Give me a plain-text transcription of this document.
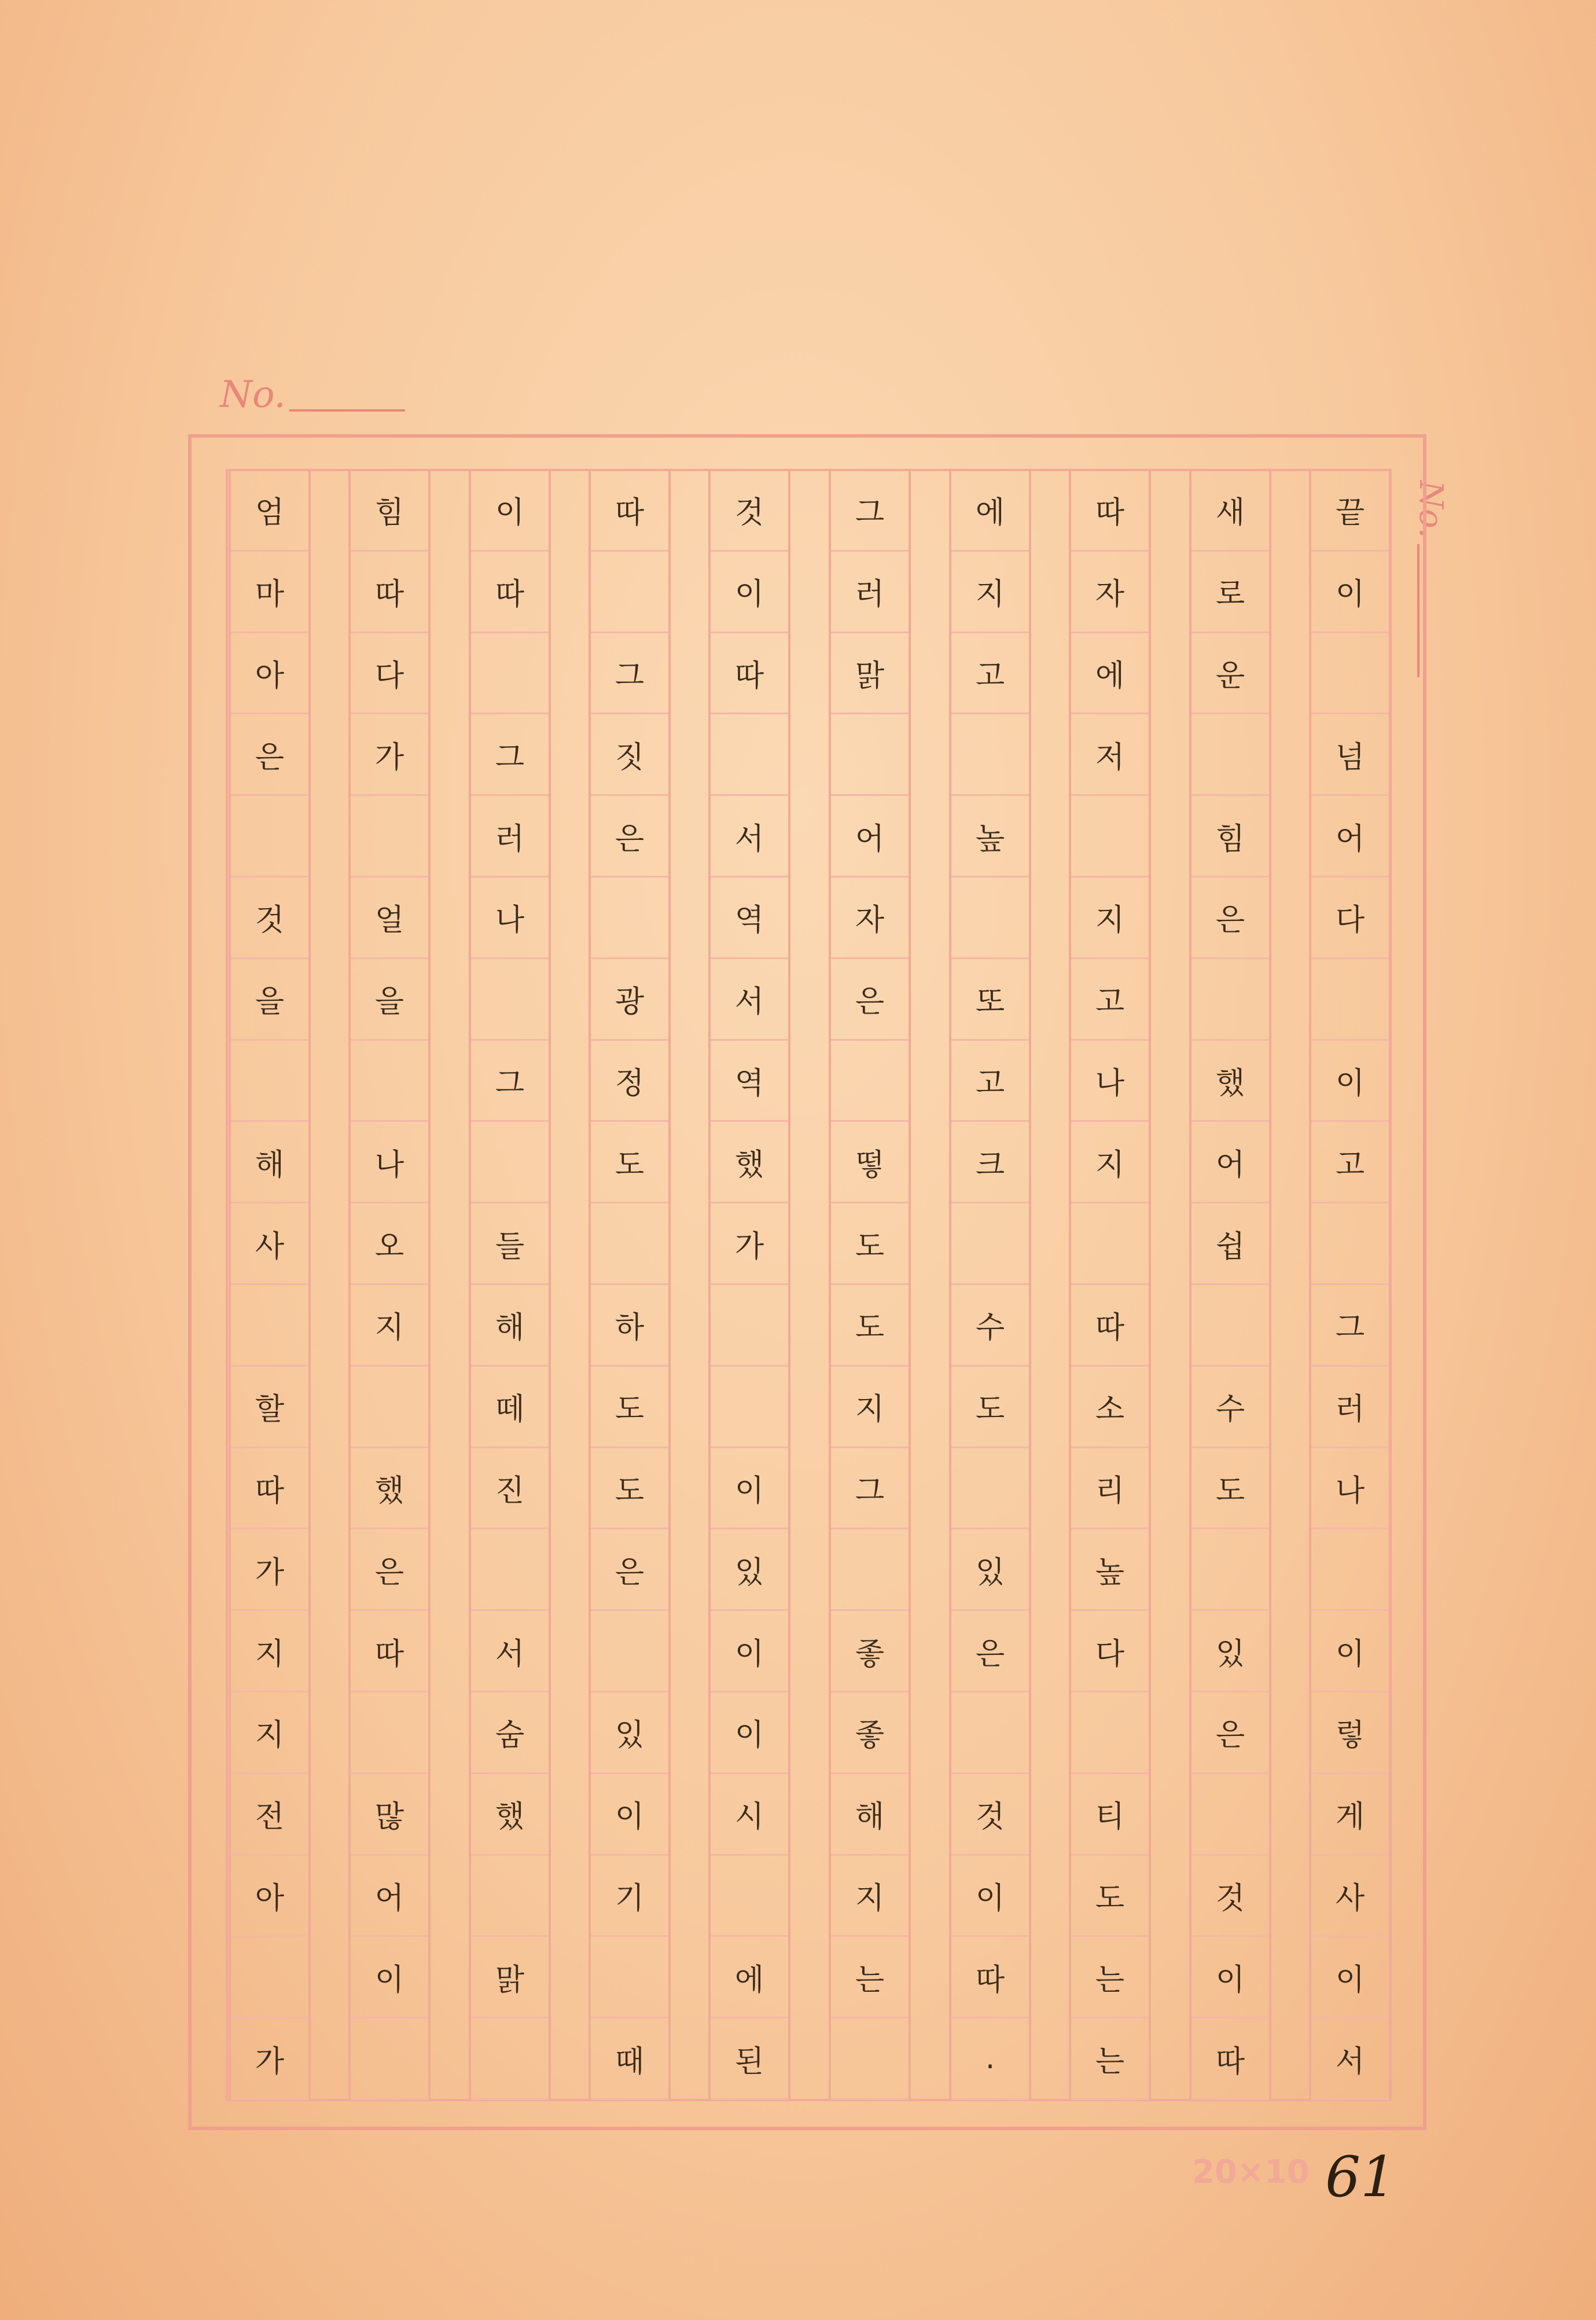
No.
No.
끝
이
넘
어
다
이
고
그
러
나
이
렇
게
사
이
서
새
로
운
힘
은
했
어
쉽
수
도
있
은
것
이
따
따
자
에
저
지
고
나
지
따
소
리
높
다
티
도
는
는
에
지
고
높
또
고
크
수
도
있
은
것
이
따
.
그
러
맑
어
자
은
떻
도
도
지
그
좋
좋
해
지
는
것
이
따
서
역
서
역
했
가
이
있
이
이
시
에
된
따
그
짓
은
광
정
도
하
도
도
은
있
이
기
때
이
따
그
러
나
그
들
해
떼
진
서
숨
했
맑
힘
따
다
가
얼
을
나
오
지
했
은
따
많
어
이
엄
마
아
은
것
을
해
사
할
따
가
지
지
전
아
가
20×10 61
